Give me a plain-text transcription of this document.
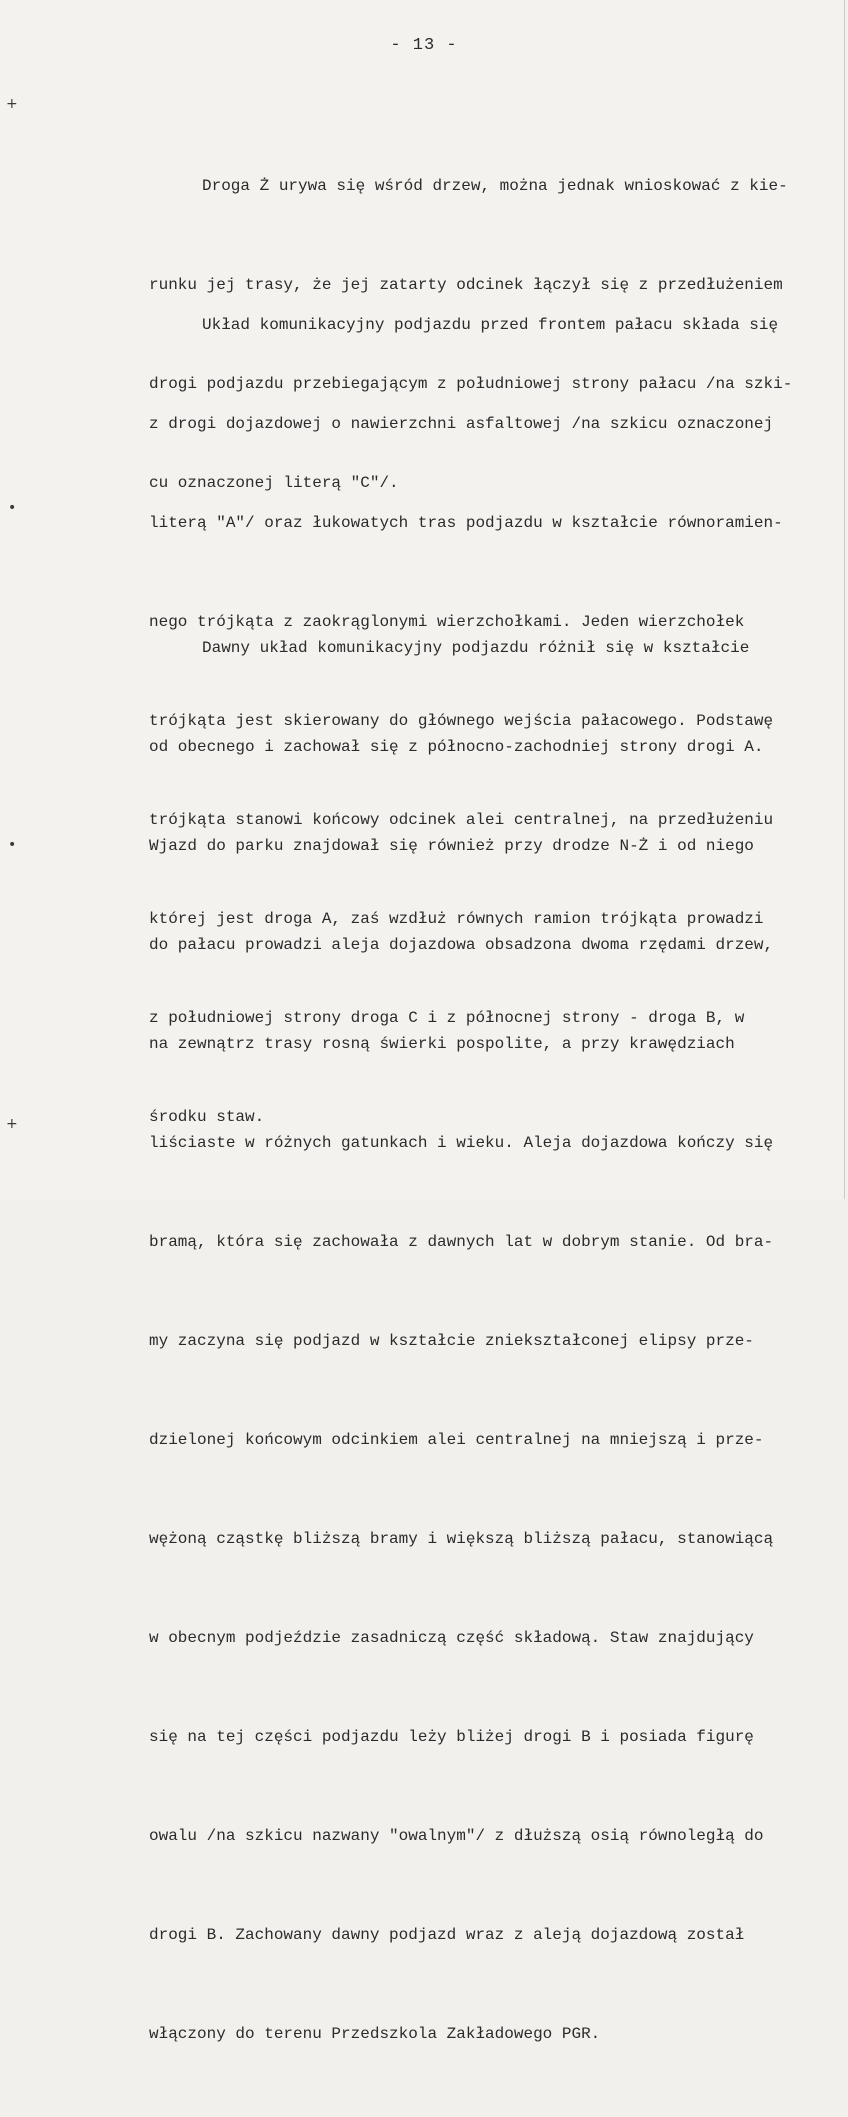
- 13 -
+
•
•
+

Droga Ż urywa się wśród drzew, można jednak wnioskować z kie-

runku jej trasy, że jej zatarty odcinek łączył się z przedłużeniem

drogi podjazdu przebiegającym z południowej strony pałacu /na szki-

cu oznaczonej literą "C"/.

Układ komunikacyjny podjazdu przed frontem pałacu składa się

z drogi dojazdowej o nawierzchni asfaltowej /na szkicu oznaczonej

literą "A"/ oraz łukowatych tras podjazdu w kształcie równoramien-

nego trójkąta z zaokrąglonymi wierzchołkami. Jeden wierzchołek

trójkąta jest skierowany do głównego wejścia pałacowego. Podstawę

trójkąta stanowi końcowy odcinek alei centralnej, na przedłużeniu

której jest droga A, zaś wzdłuż równych ramion trójkąta prowadzi

z południowej strony droga C i z północnej strony - droga B, w

środku staw.

Dawny układ komunikacyjny podjazdu różnił się w kształcie

od obecnego i zachował się z północno-zachodniej strony drogi A.

Wjazd do parku znajdował się również przy drodze N-Ż i od niego

do pałacu prowadzi aleja dojazdowa obsadzona dwoma rzędami drzew,

na zewnątrz trasy rosną świerki pospolite, a przy krawędziach

liściaste w różnych gatunkach i wieku. Aleja dojazdowa kończy się

bramą, która się zachowała z dawnych lat w dobrym stanie. Od bra-

my zaczyna się podjazd w kształcie zniekształconej elipsy prze-

dzielonej końcowym odcinkiem alei centralnej na mniejszą i prze-

wężoną cząstkę bliższą bramy i większą bliższą pałacu, stanowiącą

w obecnym podjeździe zasadniczą część składową. Staw znajdujący

się na tej części podjazdu leży bliżej drogi B i posiada figurę

owalu /na szkicu nazwany "owalnym"/ z dłuższą osią równoległą do

drogi B. Zachowany dawny podjazd wraz z aleją dojazdową został

włączony do terenu Przedszkola Zakładowego PGR.
